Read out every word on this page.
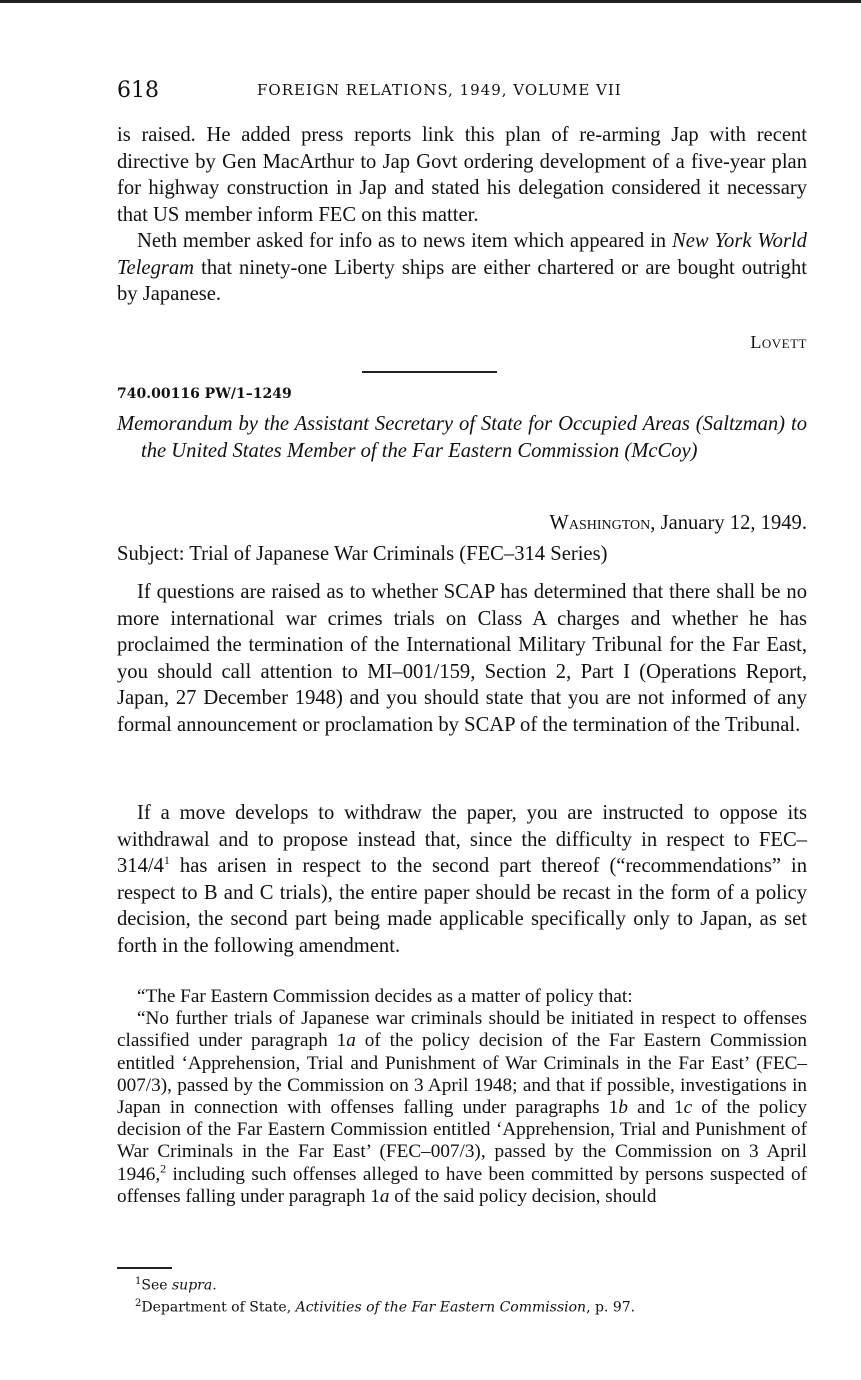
618	FOREIGN RELATIONS, 1949, VOLUME VII

is raised. He added press reports link this plan of re-arming Jap with recent directive by Gen MacArthur to Jap Govt ordering development of a five-year plan for highway construction in Jap and stated his delegation considered it necessary that US member inform FEC on this matter.

Neth member asked for info as to news item which appeared in New York World Telegram that ninety-one Liberty ships are either chartered or are bought outright by Japanese.

Lovett
740.00116 PW/1–1249
Memorandum by the Assistant Secretary of State for Occupied Areas (Saltzman) to the United States Member of the Far Eastern Commission (McCoy)
Washington, January 12, 1949.
Subject: Trial of Japanese War Criminals (FEC–314 Series)

If questions are raised as to whether SCAP has determined that there shall be no more international war crimes trials on Class A charges and whether he has proclaimed the termination of the International Military Tribunal for the Far East, you should call attention to MI–001/159, Section 2, Part I (Operations Report, Japan, 27 December 1948) and you should state that you are not informed of any formal announcement or proclamation by SCAP of the termination of the Tribunal.

If a move develops to withdraw the paper, you are instructed to oppose its withdrawal and to propose instead that, since the difficulty in respect to FEC–$314/4^1$ has arisen in respect to the second part thereof (“recommendations” in respect to B and C trials), the entire paper should be recast in the form of a policy decision, the second part being made applicable specifically only to Japan, as set forth in the following amendment.

“The Far Eastern Commission decides as a matter of policy that:

“No further trials of Japanese war criminals should be initiated in respect to offenses classified under paragraph 1a of the policy decision of the Far Eastern Commission entitled ‘Apprehension, Trial and Punishment of War Criminals in the Far East’ (FEC–007/3), passed by the Commission on 3 April 1948; and that if possible, investigations in Japan in connection with offenses falling under paragraphs 1b and 1c of the policy decision of the Far Eastern Commission entitled ‘Apprehension, Trial and Punishment of War Criminals in the Far East’ (FEC–007/3), passed by the Commission on 3 April 1946,$^2$ including such offenses alleged to have been committed by persons suspected of offenses falling under paragraph 1a of the said policy decision, should

$^1$See supra.
$^2$Department of State, Activities of the Far Eastern Commission, p. 97.
